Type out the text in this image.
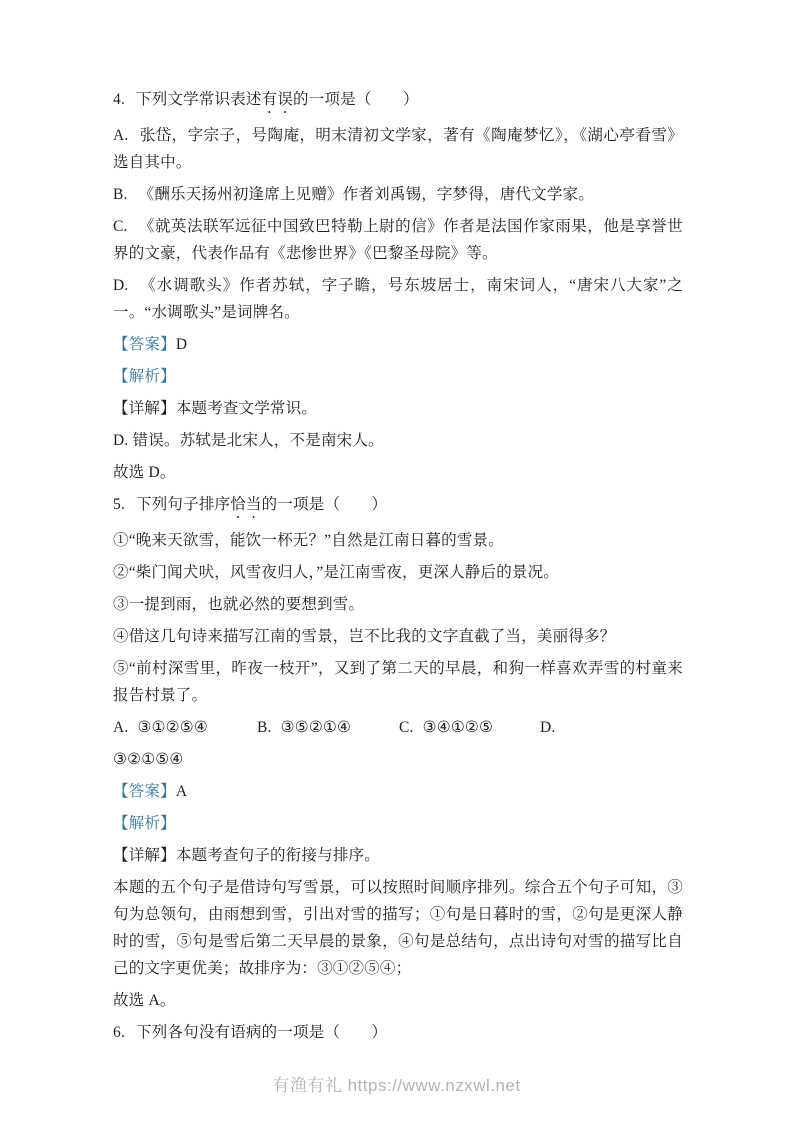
4. 下列文学常识表述有误的一项是（　　）

A. 张岱，字宗子，号陶庵，明末清初文学家，著有《陶庵梦忆》，《湖心亭看雪》选自其中。

B. 《酬乐天扬州初逢席上见赠》作者刘禹锡，字梦得，唐代文学家。

C. 《就英法联军远征中国致巴特勒上尉的信》作者是法国作家雨果，他是享誉世界的文豪，代表作品有《悲惨世界》《巴黎圣母院》等。

D. 《水调歌头》作者苏轼，字子瞻，号东坡居士，南宋词人，“唐宋八大家”之一。“水调歌头”是词牌名。

【答案】D

【解析】

【详解】本题考查文学常识。

D. 错误。苏轼是北宋人，不是南宋人。

故选 D。

5. 下列句子排序恰当的一项是（　　）

①“晚来天欲雪，能饮一杯无？”自然是江南日暮的雪景。

②“柴门闻犬吠，风雪夜归人，”是江南雪夜，更深人静后的景况。

③一提到雨，也就必然的要想到雪。

④借这几句诗来描写江南的雪景，岂不比我的文字直截了当，美丽得多？

⑤“前村深雪里，昨夜一枝开”，又到了第二天的早晨，和狗一样喜欢弄雪的村童来报告村景了。

A. ③①②⑤④	B. ③⑤②①④	C. ③④①②⑤	D.

③②①⑤④

【答案】A

【解析】

【详解】本题考查句子的衔接与排序。

本题的五个句子是借诗句写雪景，可以按照时间顺序排列。综合五个句子可知，③句为总领句，由雨想到雪，引出对雪的描写；①句是日暮时的雪，②句是更深人静时的雪，⑤句是雪后第二天早晨的景象，④句是总结句，点出诗句对雪的描写比自己的文字更优美；故排序为：③①②⑤④；

故选 A。

6. 下列各句没有语病的一项是（　　）

有渔有礼 https://www.nzxwl.net
